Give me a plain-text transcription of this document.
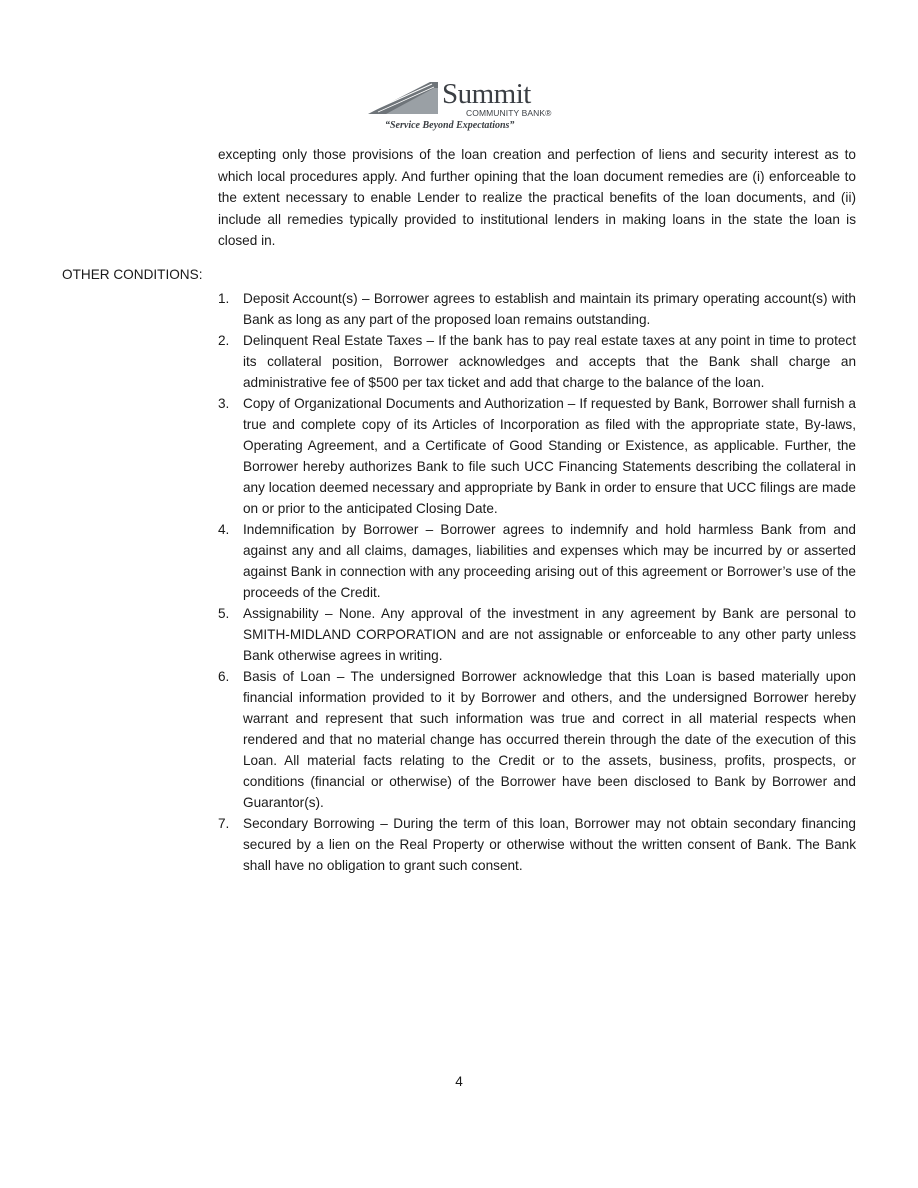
Summit
COMMUNITY BANK®
“Service Beyond Expectations”

excepting only those provisions of the loan creation and perfection of liens and security interest as to which local procedures apply. And further opining that the loan document remedies are (i) enforceable to the extent necessary to enable Lender to realize the practical benefits of the loan documents, and (ii) include all remedies typically provided to institutional lenders in making loans in the state the loan is closed in.

OTHER CONDITIONS:

1.	Deposit Account(s) – Borrower agrees to establish and maintain its primary operating account(s) with Bank as long as any part of the proposed loan remains outstanding.
2.	Delinquent Real Estate Taxes – If the bank has to pay real estate taxes at any point in time to protect its collateral position, Borrower acknowledges and accepts that the Bank shall charge an administrative fee of $500 per tax ticket and add that charge to the balance of the loan.
3.	Copy of Organizational Documents and Authorization – If requested by Bank, Borrower shall furnish a true and complete copy of its Articles of Incorporation as filed with the appropriate state, By-laws, Operating Agreement, and a Certificate of Good Standing or Existence, as applicable. Further, the Borrower hereby authorizes Bank to file such UCC Financing Statements describing the collateral in any location deemed necessary and appropriate by Bank in order to ensure that UCC filings are made on or prior to the anticipated Closing Date.
4.	Indemnification by Borrower – Borrower agrees to indemnify and hold harmless Bank from and against any and all claims, damages, liabilities and expenses which may be incurred by or asserted against Bank in connection with any proceeding arising out of this agreement or Borrower’s use of the proceeds of the Credit.
5.	Assignability – None. Any approval of the investment in any agreement by Bank are personal to SMITH-MIDLAND CORPORATION and are not assignable or enforceable to any other party unless Bank otherwise agrees in writing.
6.	Basis of Loan – The undersigned Borrower acknowledge that this Loan is based materially upon financial information provided to it by Borrower and others, and the undersigned Borrower hereby warrant and represent that such information was true and correct in all material respects when rendered and that no material change has occurred therein through the date of the execution of this Loan. All material facts relating to the Credit or to the assets, business, profits, prospects, or conditions (financial or otherwise) of the Borrower have been disclosed to Bank by Borrower and Guarantor(s).
7.	Secondary Borrowing – During the term of this loan, Borrower may not obtain secondary financing secured by a lien on the Real Property or otherwise without the written consent of Bank. The Bank shall have no obligation to grant such consent.
4
